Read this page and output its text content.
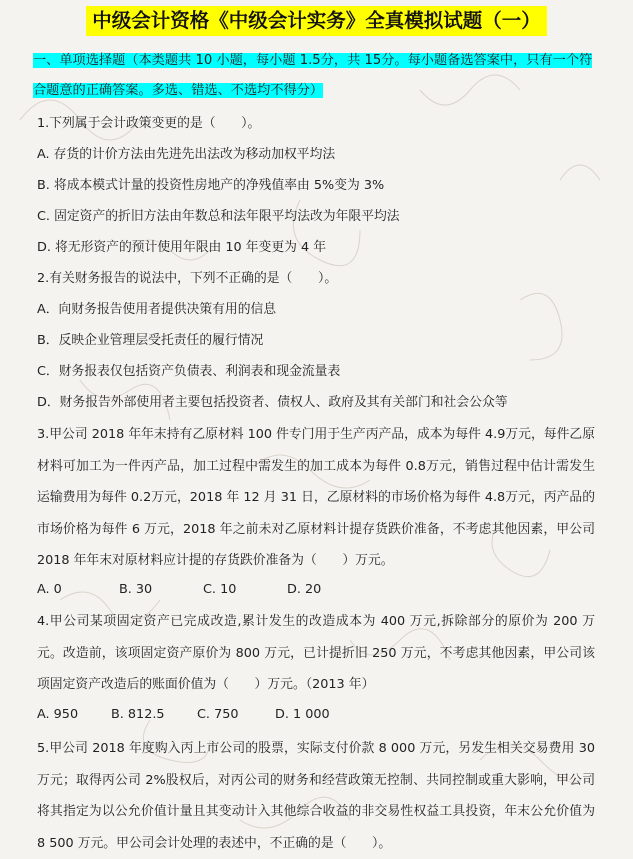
中级会计资格《中级会计实务》全真模拟试题（一）
一、单项选择题（本类题共 10 小题，每小题 1.5分，共 15分。每小题备选答案中，只有一个符合题意的正确答案。多选、错选、不选均不得分）
1.下列属于会计政策变更的是（　　）。
A. 存货的计价方法由先进先出法改为移动加权平均法
B. 将成本模式计量的投资性房地产的净残值率由 5%变为 3%
C. 固定资产的折旧方法由年数总和法年限平均法改为年限平均法
D. 将无形资产的预计使用年限由 10 年变更为 4 年
2.有关财务报告的说法中，下列不正确的是（　　）。
A．向财务报告使用者提供决策有用的信息
B．反映企业管理层受托责任的履行情况
C．财务报表仅包括资产负债表、利润表和现金流量表
D．财务报告外部使用者主要包括投资者、债权人、政府及其有关部门和社会公众等
3.甲公司 2018 年年末持有乙原材料 100 件专门用于生产丙产品，成本为每件 4.9万元，每件乙原材料可加工为一件丙产品，加工过程中需发生的加工成本为每件 0.8万元，销售过程中估计需发生运输费用为每件 0.2万元，2018 年 12 月 31 日，乙原材料的市场价格为每件 4.8万元，丙产品的市场价格为每件 6 万元，2018 年之前未对乙原材料计提存货跌价准备，不考虑其他因素，甲公司 2018 年年末对原材料应计提的存货跌价准备为（　　）万元。
A. 0	B. 30	C. 10	D. 20
4.甲公司某项固定资产已完成改造,累计发生的改造成本为 400 万元,拆除部分的原价为 200 万元。改造前，该项固定资产原价为 800 万元，已计提折旧 250 万元，不考虑其他因素，甲公司该项固定资产改造后的账面价值为（　　）万元。（2013 年）
A. 950	B. 812.5	C. 750	D. 1 000
5.甲公司 2018 年度购入丙上市公司的股票，实际支付价款 8 000 万元，另发生相关交易费用 30 万元；取得丙公司 2%股权后，对丙公司的财务和经营政策无控制、共同控制或重大影响，甲公司将其指定为以公允价值计量且其变动计入其他综合收益的非交易性权益工具投资，年末公允价值为 8 500 万元。甲公司会计处理的表述中，不正确的是（　　）。
